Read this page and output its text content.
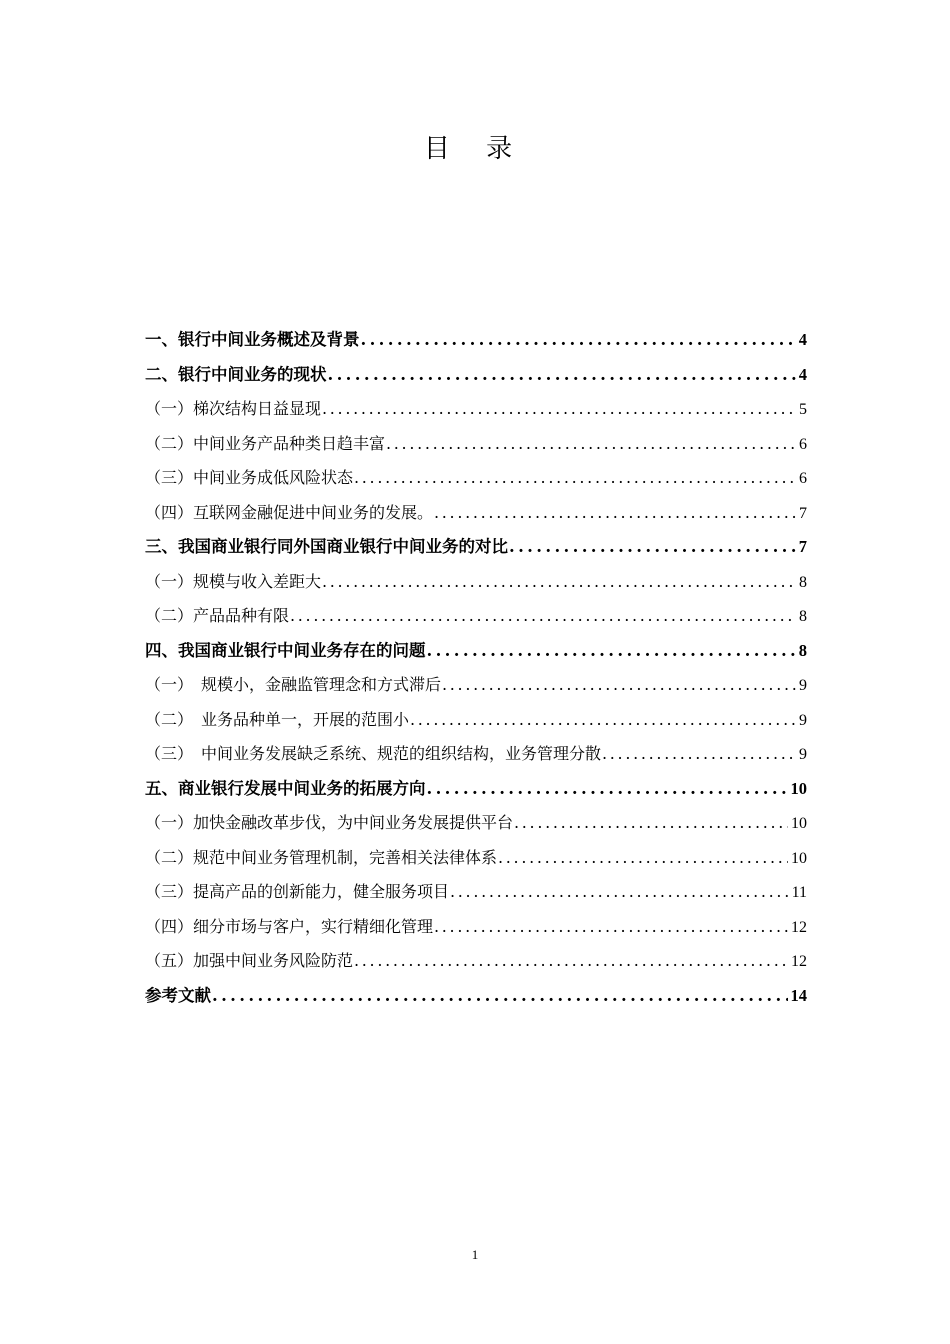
目 录
一、银行中间业务概述及背景 . . .	4
二、银行中间业务的现状 . . .	4
（一）梯次结构日益显现 . . .	5
（二）中间业务产品种类日趋丰富 . . .	6
（三）中间业务成低风险状态 . . .	6
（四）互联网金融促进中间业务的发展。 . . .	7
三、我国商业银行同外国商业银行中间业务的对比 . . .	7
（一）规模与收入差距大 . . .	8
（二）产品品种有限 . . .	8
四、我国商业银行中间业务存在的问题 . . .	8
（一）　规模小，金融监管理念和方式滞后 . . .	9
（二）　业务品种单一，开展的范围小 . . .	9
（三）　中间业务发展缺乏系统、规范的组织结构，业务管理分散 . . .	9
五、商业银行发展中间业务的拓展方向 . . .	10
（一）加快金融改革步伐，为中间业务发展提供平台 . . .	10
（二）规范中间业务管理机制，完善相关法律体系 . . .	10
（三）提高产品的创新能力，健全服务项目 . . .	11
（四）细分市场与客户，实行精细化管理 . . .	12
（五）加强中间业务风险防范 . . .	12
参考文献 . . .	14
1
